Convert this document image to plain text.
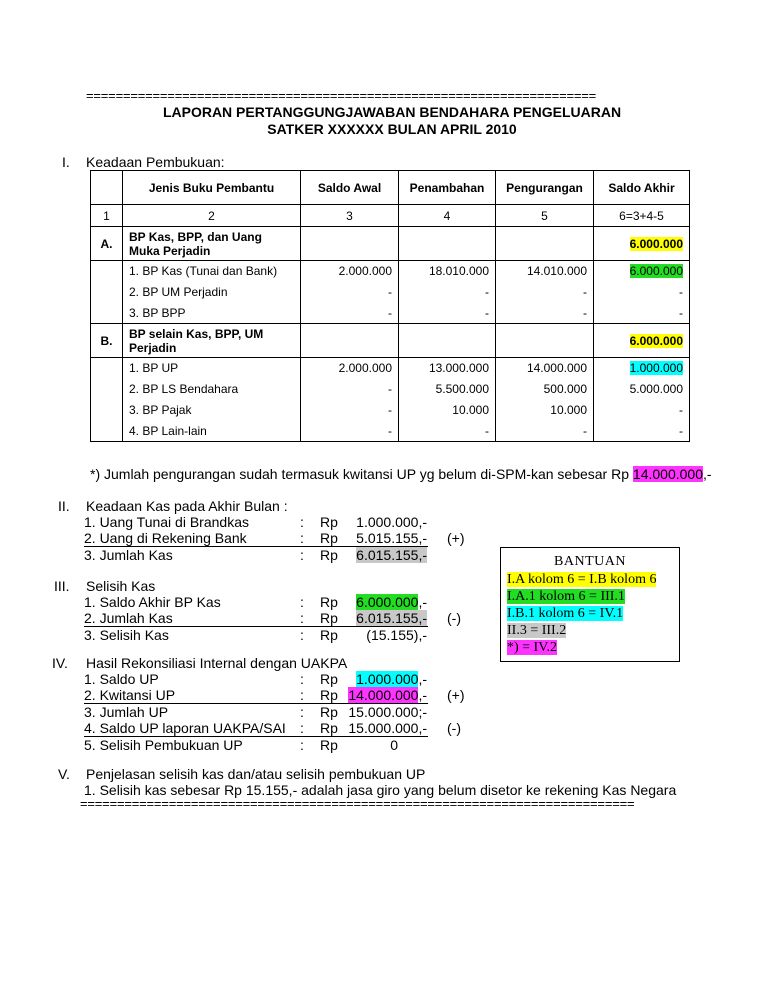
=====================================================================
LAPORAN PERTANGGUNGJAWABAN BENDAHARA PENGELUARAN
SATKER XXXXXX BULAN APRIL 2010
I. Keadaan Pembukuan:
	Jenis Buku Pembantu	Saldo Awal	Penambahan	Pengurangan	Saldo Akhir
1	2	3	4	5	6=3+4-5
A.	BP Kas, BPP, dan Uang
Muka Perjadin				6.000.000
	1. BP Kas (Tunai dan Bank)	2.000.000	18.010.000	14.010.000	6.000.000
	2. BP UM Perjadin	-	-	-	-
	3. BP BPP	-	-	-	-
B.	BP selain Kas, BPP, UM
Perjadin				6.000.000
	1. BP UP	2.000.000	13.000.000	14.000.000	1.000.000
	2. BP LS Bendahara	-	5.500.000	500.000	5.000.000
	3. BP Pajak	-	10.000	10.000	-
	4. BP Lain-lain	-	-	-	-
*) Jumlah pengurangan sudah termasuk kwitansi UP yg belum di-SPM-kan sebesar Rp 14.000.000,-
II. Keadaan Kas pada Akhir Bulan :
1. Uang Tunai di Brandkas	: Rp	1.000.000,-
2. Uang di Rekening Bank	: Rp	5.015.155,- (+)
3. Jumlah Kas	: Rp	6.015.155,-
III. Selisih Kas
1. Saldo Akhir BP Kas	: Rp	6.000.000,-
2. Jumlah Kas	: Rp	6.015.155,- (-)
3. Selisih Kas	: Rp	(15.155),-
IV. Hasil Rekonsiliasi Internal dengan UAKPA
1. Saldo UP	: Rp	1.000.000,-
2. Kwitansi UP	: Rp 14.000.000,- (+)
3. Jumlah UP	: Rp 15.000.000;-
4. Saldo UP laporan UAKPA/SAI : Rp 15.000.000,- (-)
5. Selisih Pembukuan UP	: Rp	0
V. Penjelasan selisih kas dan/atau selisih pembukuan UP
1. Selisih kas sebesar Rp 15.155,- adalah jasa giro yang belum disetor ke rekening Kas Negara
===========================================================================
BANTUAN
I.A kolom 6 = I.B kolom 6
I.A.1 kolom 6 = III.1
I.B.1 kolom 6 = IV.1
II.3 = III.2
*) = IV.2
